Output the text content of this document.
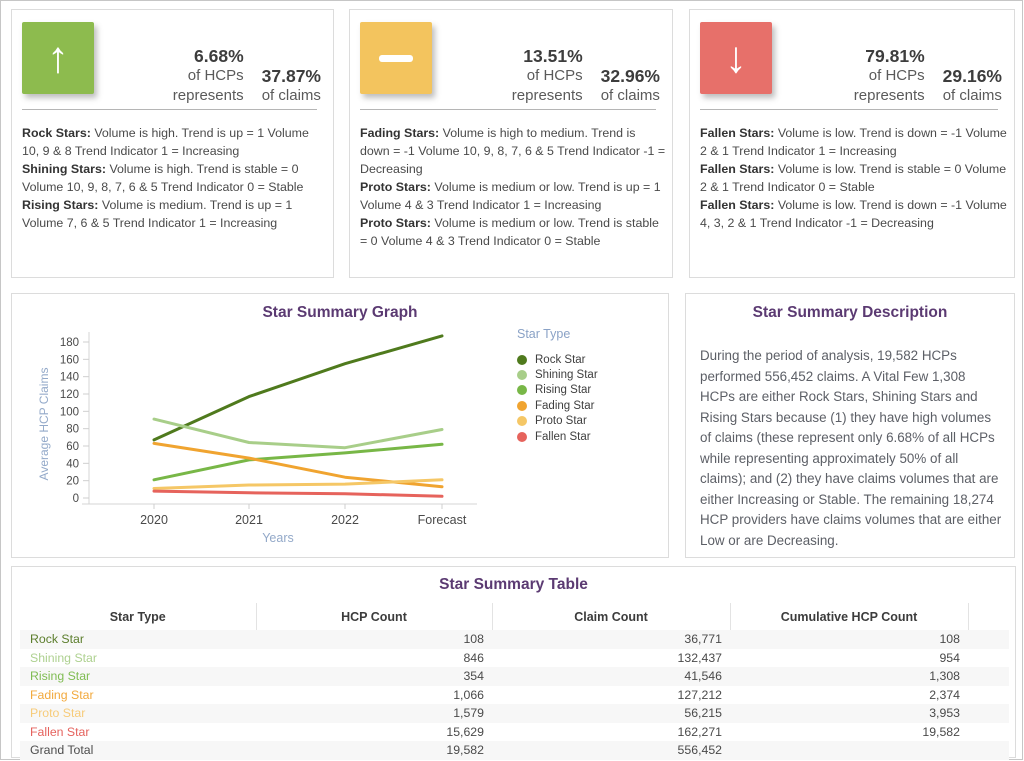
↑	6.68%
of HCPs
represents
37.87%
of claims
Rock Stars: Volume is high. Trend is up = 1 Volume 10, 9 & 8 Trend Indicator 1 = Increasing
Shining Stars: Volume is high. Trend is stable = 0 Volume 10, 9, 8, 7, 6 & 5 Trend Indicator 0 = Stable
Rising Stars: Volume is medium. Trend is up = 1 Volume 7, 6 & 5 Trend Indicator 1 = Increasing
13.51%
of HCPs
represents
32.96%
of claims
Fading Stars: Volume is high to medium. Trend is down = -1 Volume 10, 9, 8, 7, 6 & 5 Trend Indicator -1 = Decreasing
Proto Stars: Volume is medium or low. Trend is up = 1 Volume 4 & 3 Trend Indicator 1 = Increasing
Proto Stars: Volume is medium or low. Trend is stable = 0 Volume 4 & 3 Trend Indicator 0 = Stable
↓	79.81%
of HCPs
represents
29.16%
of claims
Fallen Stars: Volume is low. Trend is down = -1 Volume 2 & 1 Trend Indicator 1 = Increasing
Fallen Stars: Volume is low. Trend is stable = 0 Volume 2 & 1 Trend Indicator 0 = Stable
Fallen Stars: Volume is low. Trend is down = -1 Volume 4, 3, 2 & 1 Trend Indicator -1 = Decreasing
Star Summary Graph
Average HCP Claims
0
20
40
60
80
100
120
140
160
180
2020	2021	2022	Forecast
Years
Star Type
Rock Star
Shining Star
Rising Star
Fading Star
Proto Star
Fallen Star
Star Summary Description

During the period of analysis, 19,582 HCPs performed 556,452 claims. A Vital Few 1,308 HCPs are either Rock Stars, Shining Stars and Rising Stars because (1) they have high volumes of claims (these represent only 6.68% of all HCPs while representing approximately 50% of all claims); and (2) they have claims volumes that are either Increasing or Stable. The remaining 18,274 HCP providers have claims volumes that are either Low or are Decreasing.

Star Summary Table
Star Type	HCP Count	Claim Count	Cumulative HCP Count	
Rock Star	108	36,771	108	
Shining Star	846	132,437	954	
Rising Star	354	41,546	1,308	
Fading Star	1,066	127,212	2,374	
Proto Star	1,579	56,215	3,953	
Fallen Star	15,629	162,271	19,582	
Grand Total	19,582	556,452		
